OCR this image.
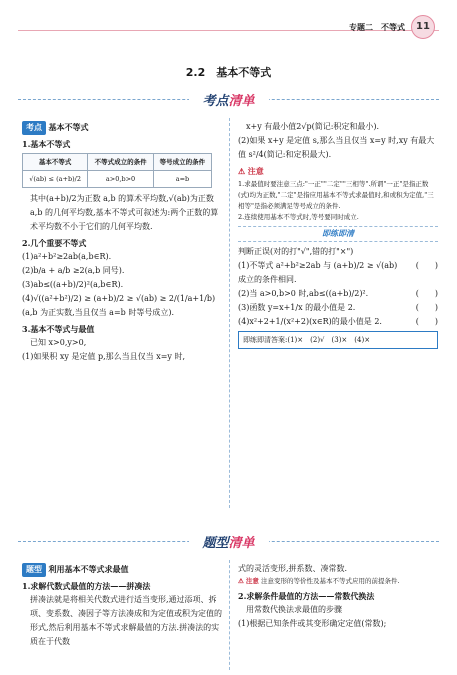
专题二　不等式	11
2.2　基本不等式
考点清单
考点 基本不等式
1.基本不等式
基本不等式	不等式成立的条件	等号成立的条件
√(ab) ≤ (a+b)/2	a>0,b>0	a=b
其中(a+b)/2为正数 a,b 的算术平均数,√(ab)为正数 a,b 的几何平均数,基本不等式可叙述为:两个正数的算术平均数不小于它们的几何平均数.
2.几个重要不等式
(1)a²+b²≥2ab(a,b∈R).
(2)b/a + a/b ≥2(a,b 同号).
(3)ab≤((a+b)/2)²(a,b∈R).
(4)√((a²+b²)/2) ≥ (a+b)/2 ≥ √(ab) ≥ 2/(1/a+1/b)(a,b 为正实数,当且仅当 a=b 时等号成立).
3.基本不等式与最值
已知 x>0,y>0,
(1)如果积 xy 是定值 p,那么当且仅当 x=y 时,
x+y 有最小值2√p(简记:积定和最小).
(2)如果 x+y 是定值 s,那么当且仅当 x=y 时,xy 有最大值 s²/4(简记:和定积最大).
⚠ 注意
1.求最值时要注意三点:"一正""二定""三相等".所谓"一正"是指正数(式)均为正数,"二定"是指应用基本不等式求最值时,和或积为定值,"三相等"是指必须满足等号成立的条件.
2.连续使用基本不等式时,等号要同时成立.
即练即清
判断正误(对的打"√",错的打"×")
(1)不等式 a²+b²≥2ab 与 (a+b)/2 ≥ √(ab) 成立的条件相同.
(　　)
(2)当 a>0,b>0 时,ab≤((a+b)/2)².	(　　)
(3)函数 y=x+1/x 的最小值是 2.	(　　)
(4)x²+2+1/(x²+2)(x∈R)的最小值是 2.	(　　)
即练即清答案:(1)×　(2)√　(3)×　(4)×
题型清单
题型 利用基本不等式求最值
1.求解代数式最值的方法——拼凑法
拼凑法就是将相关代数式进行适当变形,通过添项、拆项、变系数、凑因子等方法凑成和为定值或积为定值的形式,然后利用基本不等式求解最值的方法.拼凑法的实质在于代数
式的灵活变形,拼系数、凑常数.
⚠ 注意 注意变形的等价性及基本不等式应用的前提条件.
2.求解条件最值的方法——常数代换法
用常数代换法求最值的步骤
(1)根据已知条件或其变形确定定值(常数);
